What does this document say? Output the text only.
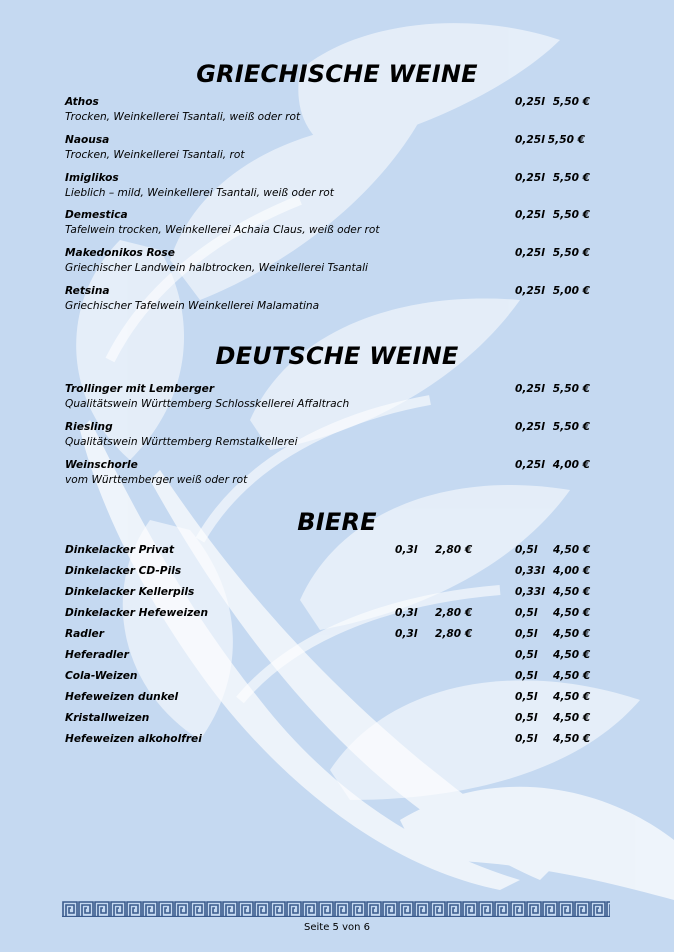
GRIECHISCHE WEINE
Athos
Trocken, Weinkellerei Tsantali, weiß oder rot
0,25l 5,50 €
Naousa
Trocken, Weinkellerei Tsantali, rot
0,25l 5,50 €
Imiglikos
Lieblich – mild, Weinkellerei Tsantali, weiß oder rot
0,25l 5,50 €
Demestica
Tafelwein trocken, Weinkellerei Achaia Claus, weiß oder rot
0,25l 5,50 €
Makedonikos Rose
Griechischer Landwein halbtrocken, Weinkellerei Tsantali
0,25l 5,50 €
Retsina
Griechischer Tafelwein Weinkellerei Malamatina
0,25l 5,00 €
DEUTSCHE WEINE
Trollinger mit Lemberger
Qualitätswein Württemberg Schlosskellerei Affaltrach
0,25l 5,50 €
Riesling
Qualitätswein Württemberg Remstalkellerei
0,25l 5,50 €
Weinschorle
vom Württemberger weiß oder rot
0,25l 4,00 €
BIERE
Dinkelacker Privat	0,3l 2,80 €	0,5l 4,50 €
Dinkelacker CD-Pils	0,33l 4,00 €
Dinkelacker Kellerpils	0,33l 4,50 €
Dinkelacker Hefeweizen	0,3l 2,80 €	0,5l 4,50 €
Radler	0,3l 2,80 €	0,5l 4,50 €
Heferadler	0,5l 4,50 €
Cola-Weizen	0,5l 4,50 €
Hefeweizen dunkel	0,5l 4,50 €
Kristallweizen	0,5l 4,50 €
Hefeweizen alkoholfrei	0,5l 4,50 €
Seite 5 von 6
